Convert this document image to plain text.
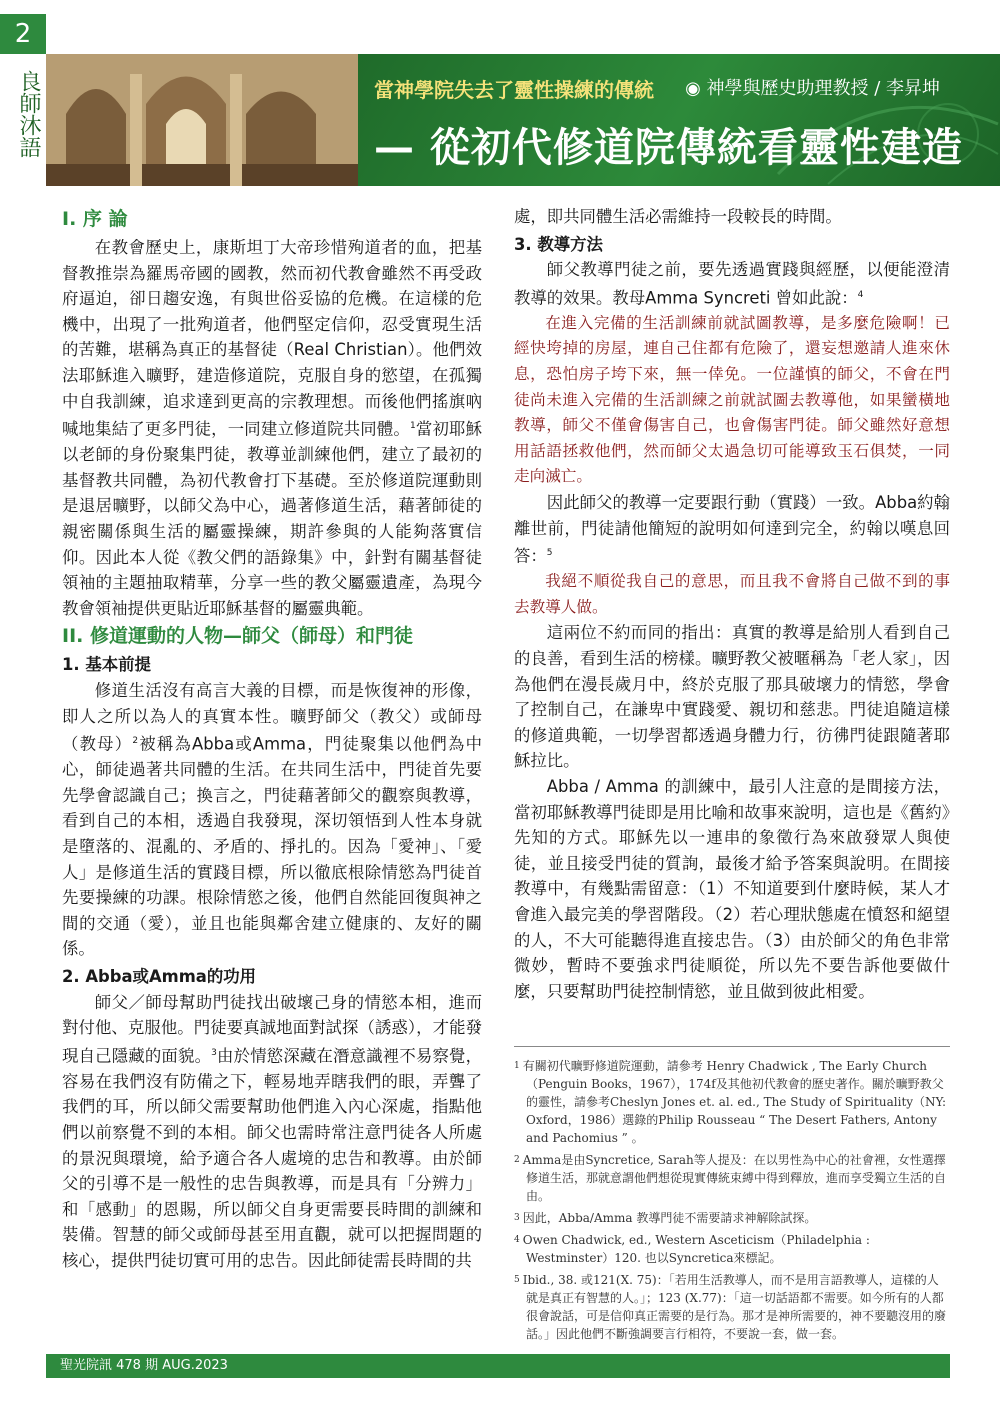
2
良師沐語	當神學院失去了靈性操練的傳統 ◉ 神學與歷史助理教授 / 李昇坤
— 從初代修道院傳統看靈性建造
I. 序 論

在教會歷史上，康斯坦丁大帝珍惜殉道者的血，把基督教推崇為羅馬帝國的國教，然而初代教會雖然不再受政府逼迫，卻日趨安逸，有與世俗妥協的危機。在這樣的危機中，出現了一批殉道者，他們堅定信仰，忍受實現生活的苦難，堪稱為真正的基督徒（Real Christian）。他們效法耶穌進入曠野，建造修道院，克服自身的慾望，在孤獨中自我訓練，追求達到更高的宗教理想。而後他們搖旗吶喊地集結了更多門徒，一同建立修道院共同體。$^1$當初耶穌以老師的身份聚集門徒，教導並訓練他們，建立了最初的基督教共同體，為初代教會打下基礎。至於修道院運動則是退居曠野，以師父為中心，過著修道生活，藉著師徒的親密關係與生活的屬靈操練，期許參與的人能夠落實信仰。因此本人從《教父們的語錄集》中，針對有關基督徒領袖的主題抽取精華，分享一些的教父屬靈遺產，為現今教會領袖提供更貼近耶穌基督的屬靈典範。

II. 修道運動的人物—師父（師母）和門徒
1. 基本前提

修道生活沒有高言大義的目標，而是恢復神的形像，即人之所以為人的真實本性。曠野師父（教父）或師母（教母）$^2$被稱為Abba或Amma，門徒聚集以他們為中心，師徒過著共同體的生活。在共同生活中，門徒首先要先學會認識自己；換言之，門徒藉著師父的觀察與教導，看到自己的本相，透過自我發現，深切領悟到人性本身就是墮落的、混亂的、矛盾的、掙扎的。因為「愛神」、「愛人」是修道生活的實踐目標，所以徹底根除情慾為門徒首先要操練的功課。根除情慾之後，他們自然能回復與神之間的交通（愛），並且也能與鄰舍建立健康的、友好的關係。

2. Abba或Amma的功用

師父／師母幫助門徒找出破壞己身的情慾本相，進而對付他、克服他。門徒要真誠地面對試探（誘惑），才能發現自己隱藏的面貌。$^3$由於情慾深藏在潛意識裡不易察覺，容易在我們沒有防備之下，輕易地弄瞎我們的眼，弄聾了我們的耳，所以師父需要幫助他們進入內心深處，指點他們以前察覺不到的本相。師父也需時常注意門徒各人所處的景況與環境，給予適合各人處境的忠告和教導。由於師父的引導不是一般性的忠告與教導，而是具有「分辨力」和「感動」的恩賜，所以師父自身更需要長時間的訓練和裝備。智慧的師父或師母甚至用直觀，就可以把握問題的核心，提供門徒切實可用的忠告。因此師徒需長時間的共

處，即共同體生活必需維持一段較長的時間。

3. 教導方法

師父教導門徒之前，要先透過實踐與經歷，以便能澄清教導的效果。教母Amma Syncreti 曾如此說：$^4$

在進入完備的生活訓練前就試圖教導，是多麼危險啊！已經快垮掉的房屋，連自己住都有危險了，還妄想邀請人進來休息，恐怕房子垮下來，無一倖免。一位謹慎的師父，不會在門徒尚未進入完備的生活訓練之前就試圖去教導他，如果蠻橫地教導，師父不僅會傷害自己，也會傷害門徒。師父雖然好意想用話語拯救他們，然而師父太過急切可能導致玉石俱焚，一同走向滅亡。

因此師父的教導一定要跟行動（實踐）一致。Abba約翰離世前，門徒請他簡短的說明如何達到完全，約翰以嘆息回答：$^5$

我絕不順從我自己的意思，而且我不會將自己做不到的事去教導人做。

這兩位不約而同的指出：真實的教導是給別人看到自己的良善，看到生活的榜樣。曠野教父被暱稱為「老人家」，因為他們在漫長歲月中，終於克服了那具破壞力的情慾，學會了控制自己，在謙卑中實踐愛、親切和慈悲。門徒追隨這樣的修道典範，一切學習都透過身體力行，彷彿門徒跟隨著耶穌拉比。

Abba / Amma 的訓練中，最引人注意的是間接方法，當初耶穌教導門徒即是用比喻和故事來說明，這也是《舊約》先知的方式。耶穌先以一連串的象徵行為來啟發眾人與使徒，並且接受門徒的質詢，最後才給予答案與說明。在間接教導中，有幾點需留意：（1）不知道要到什麼時候，某人才會進入最完美的學習階段。（2）若心理狀態處在憤怒和絕望的人，不大可能聽得進直接忠告。（3）由於師父的角色非常微妙，暫時不要強求門徒順從，所以先不要告訴他要做什麼，只要幫助門徒控制情慾，並且做到彼此相愛。

$^1$ 有關初代曠野修道院運動，請參考 Henry Chadwick , The Early Church（Penguin Books，1967），174f及其他初代教會的歷史著作。關於曠野教父的靈性，請參考Cheslyn Jones et. al. ed., The Study of Spirituality（NY: Oxford，1986）選錄的Philip Rousseau “ The Desert Fathers, Antony and Pachomius ” 。

$^2$ Amma是由Syncretice, Sarah等人提及：在以男性為中心的社會裡，女性選擇修道生活，那就意謂他們想從現實傳統束縛中得到釋放，進而享受獨立生活的自由。

$^3$ 因此，Abba/Amma 教導門徒不需要請求神解除試探。

$^4$ Owen Chadwick, ed., Western Asceticism（Philadelphia : Westminster）120. 也以Syncretica來標記。

$^5$ Ibid., 38. 或121(X. 75)：「若用生活教導人，而不是用言語教導人，這樣的人就是真正有智慧的人。」；123 (X.77)：「這一切話語都不需要。如今所有的人都很會說話，可是信仰真正需要的是行為。那才是神所需要的，神不要聽沒用的廢話。」因此他們不斷強調要言行相符，不要說一套，做一套。

聖光院訊 478 期 AUG.2023
